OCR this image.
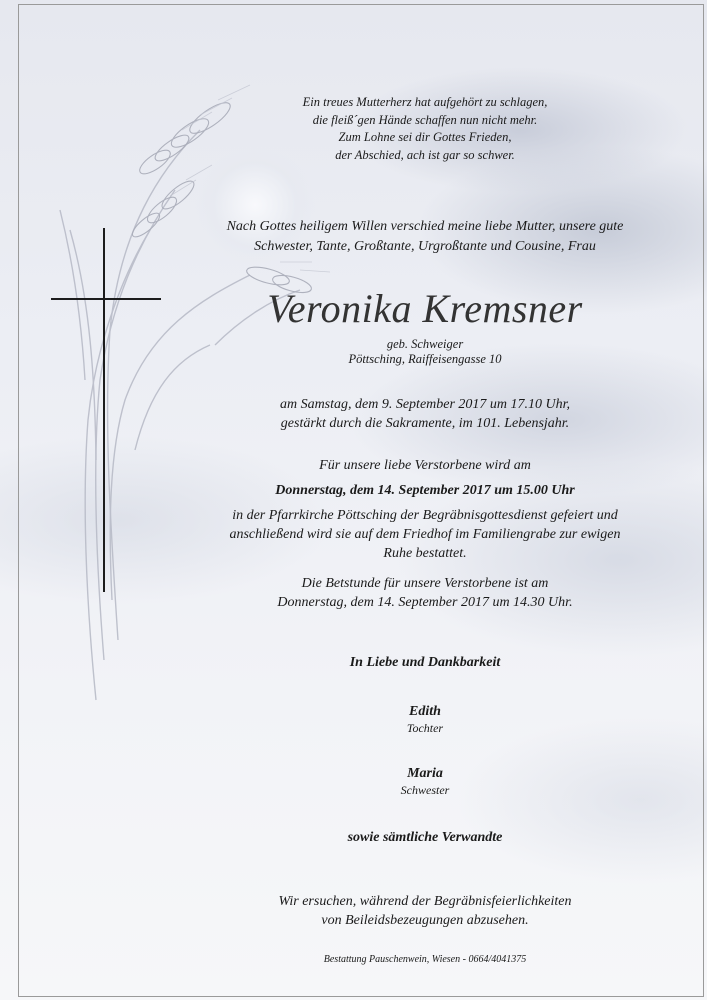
Ein treues Mutterherz hat aufgehört zu schlagen,
die fleiß´gen Hände schaffen nun nicht mehr.
Zum Lohne sei dir Gottes Frieden,
der Abschied, ach ist gar so schwer.
Nach Gottes heiligem Willen verschied meine liebe Mutter, unsere gute
Schwester, Tante, Großtante, Urgroßtante und Cousine, Frau
Veronika Kremsner
geb. Schweiger
Pöttsching, Raiffeisengasse 10
am Samstag, dem 9. September 2017 um 17.10 Uhr,
gestärkt durch die Sakramente, im 101. Lebensjahr.
Für unsere liebe Verstorbene wird am
Donnerstag, dem 14. September 2017 um 15.00 Uhr
in der Pfarrkirche Pöttsching der Begräbnisgottesdienst gefeiert und
anschließend wird sie auf dem Friedhof im Familiengrabe zur ewigen
Ruhe bestattet.
Die Betstunde für unsere Verstorbene ist am
Donnerstag, dem 14. September 2017 um 14.30 Uhr.
In Liebe und Dankbarkeit
Edith
Tochter
Maria
Schwester
sowie sämtliche Verwandte
Wir ersuchen, während der Begräbnisfeierlichkeiten
von Beileidsbezeugungen abzusehen.
Bestattung Pauschenwein, Wiesen - 0664/4041375
